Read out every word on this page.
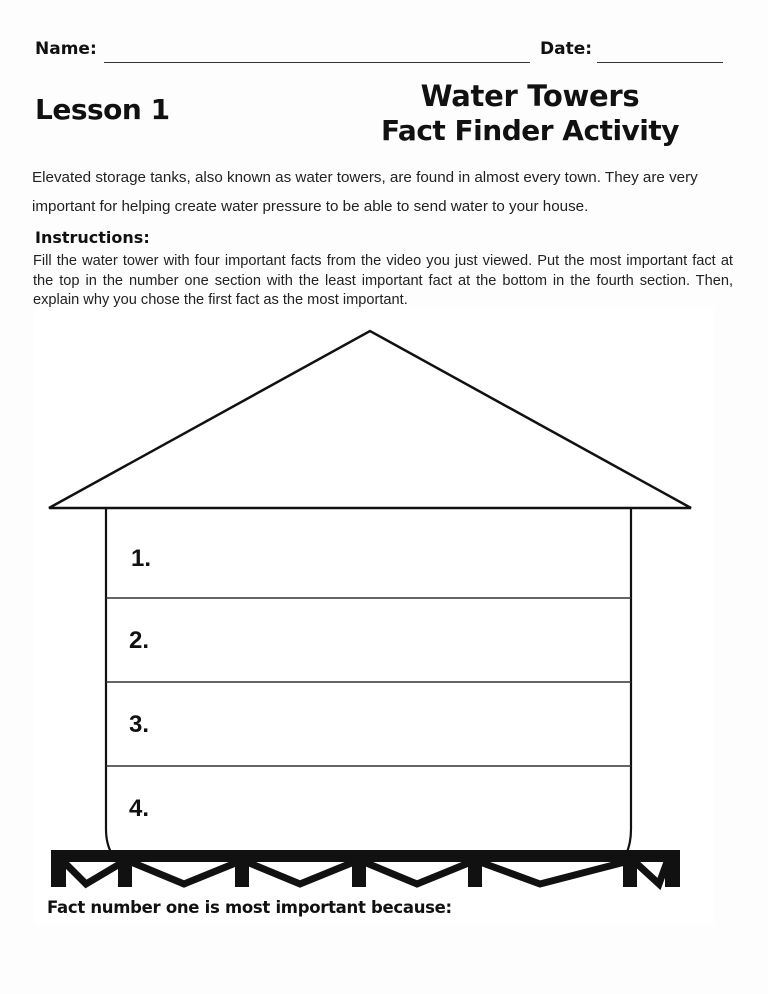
Name:	Date:
Lesson 1	Water Towers
Fact Finder Activity
Elevated storage tanks, also known as water towers, are found in almost every town. They are very important for helping create water pressure to be able to send water to your house.
Instructions:
Fill the water tower with four important facts from the video you just viewed. Put the most important fact at the top in the number one section with the least important fact at the bottom in the fourth section. Then, explain why you chose the first fact as the most important.
1.
2.
3.
4.
Fact number one is most important because:
